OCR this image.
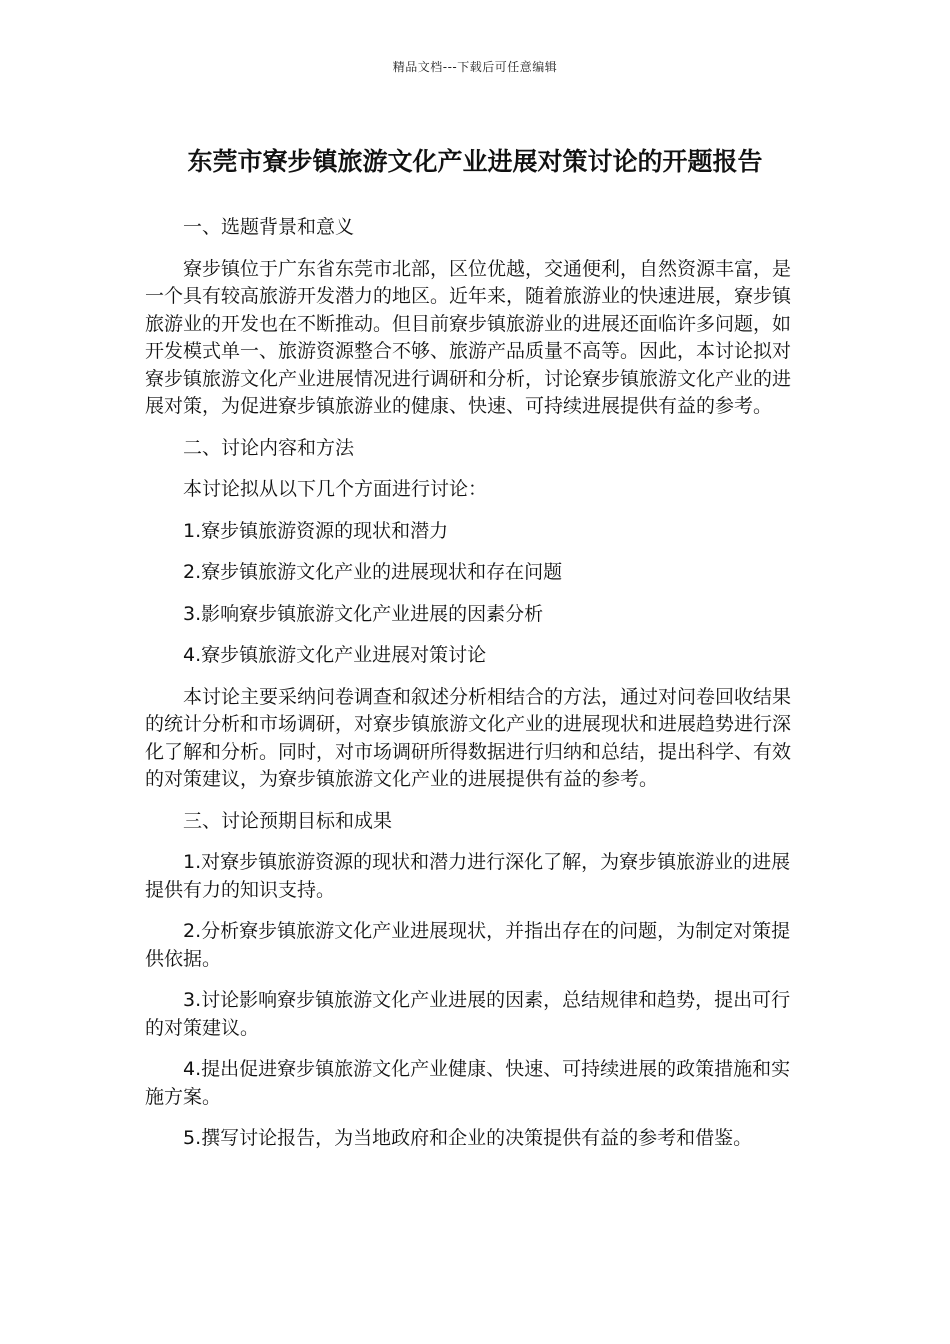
精品文档---下载后可任意编辑
东莞市寮步镇旅游文化产业进展对策讨论的开题报告

一、选题背景和意义

寮步镇位于广东省东莞市北部，区位优越，交通便利，自然资源丰富，是一个具有较高旅游开发潜力的地区。近年来，随着旅游业的快速进展，寮步镇旅游业的开发也在不断推动。但目前寮步镇旅游业的进展还面临许多问题，如开发模式单一、旅游资源整合不够、旅游产品质量不高等。因此，本讨论拟对寮步镇旅游文化产业进展情况进行调研和分析，讨论寮步镇旅游文化产业的进展对策，为促进寮步镇旅游业的健康、快速、可持续进展提供有益的参考。

二、讨论内容和方法

本讨论拟从以下几个方面进行讨论：

1.寮步镇旅游资源的现状和潜力

2.寮步镇旅游文化产业的进展现状和存在问题

3.影响寮步镇旅游文化产业进展的因素分析

4.寮步镇旅游文化产业进展对策讨论

本讨论主要采纳问卷调查和叙述分析相结合的方法，通过对问卷回收结果的统计分析和市场调研，对寮步镇旅游文化产业的进展现状和进展趋势进行深化了解和分析。同时，对市场调研所得数据进行归纳和总结，提出科学、有效的对策建议，为寮步镇旅游文化产业的进展提供有益的参考。

三、讨论预期目标和成果

1.对寮步镇旅游资源的现状和潜力进行深化了解，为寮步镇旅游业的进展提供有力的知识支持。

2.分析寮步镇旅游文化产业进展现状，并指出存在的问题，为制定对策提供依据。

3.讨论影响寮步镇旅游文化产业进展的因素，总结规律和趋势，提出可行的对策建议。

4.提出促进寮步镇旅游文化产业健康、快速、可持续进展的政策措施和实施方案。

5.撰写讨论报告，为当地政府和企业的决策提供有益的参考和借鉴。
